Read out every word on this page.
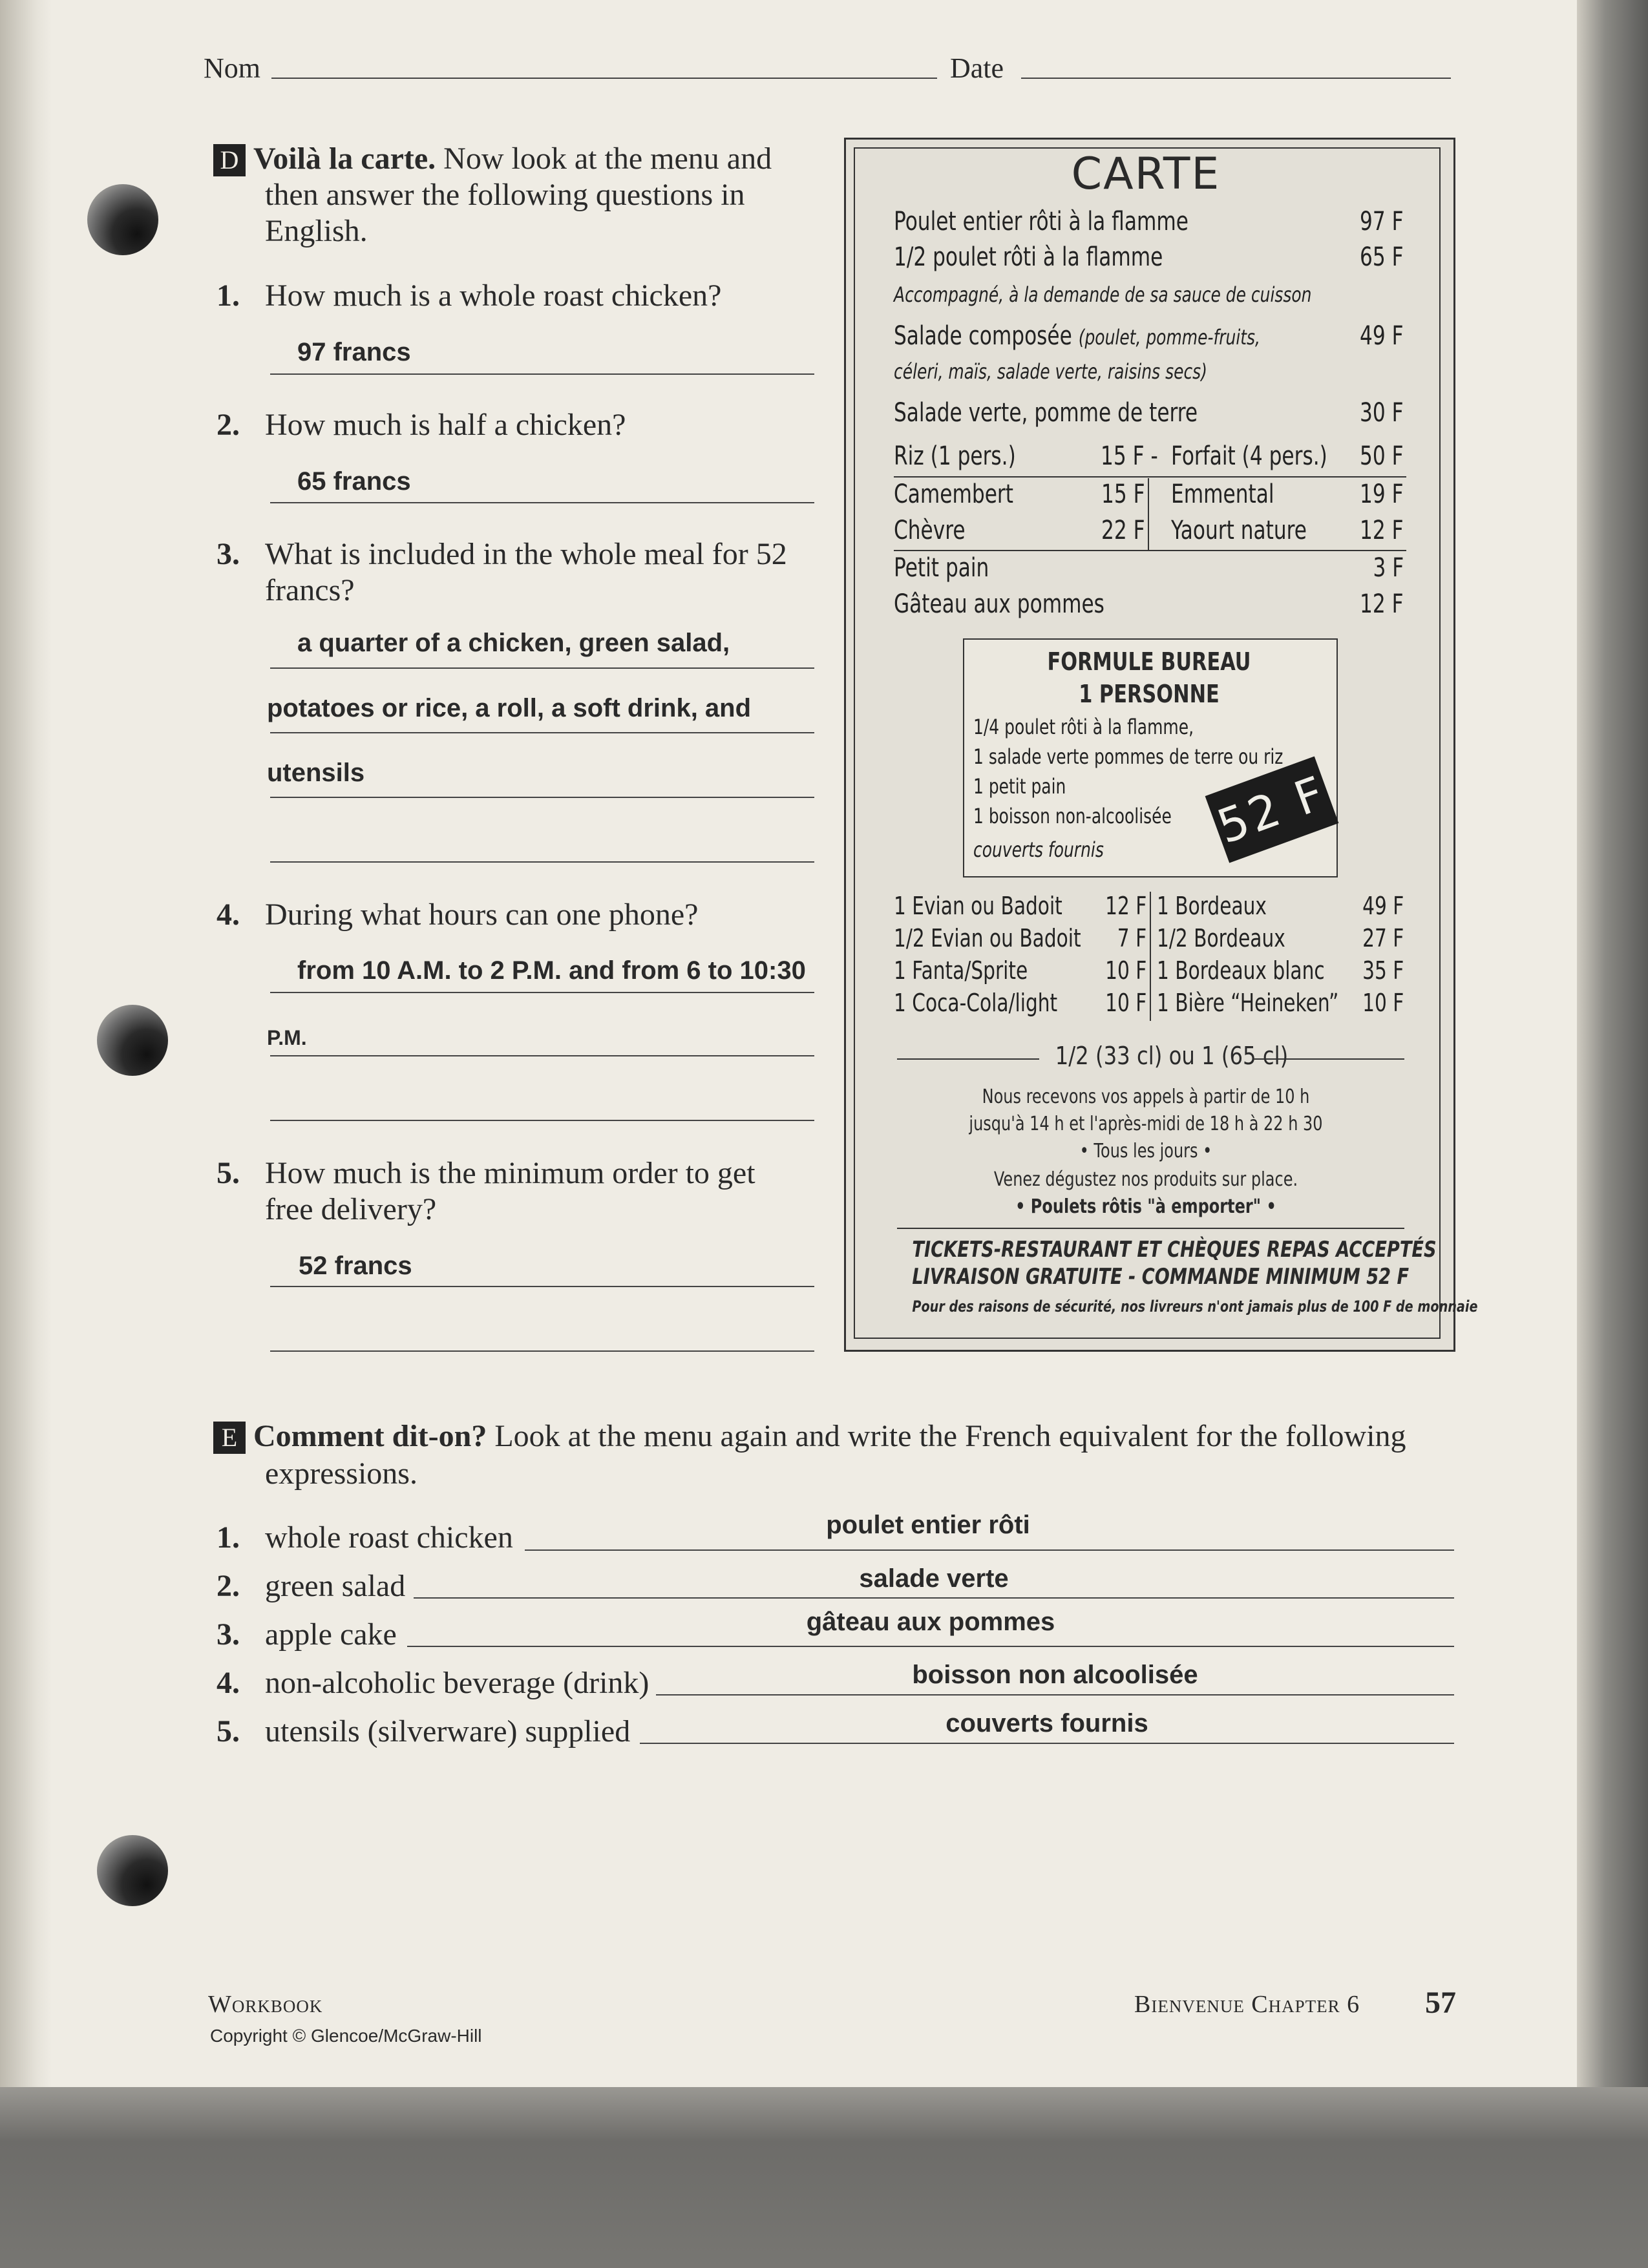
Nom	Date
D Voilà la carte. Now look at the menu and
then answer the following questions in
English.
1. How much is a whole roast chicken?
97 francs
2. How much is half a chicken?
65 francs
3. What is included in the whole meal for 52
francs?
a quarter of a chicken, green salad,
potatoes or rice, a roll, a soft drink, and
utensils
4. During what hours can one phone?
from 10 A.M. to 2 P.M. and from 6 to 10:30
P.M.
5. How much is the minimum order to get
free delivery?
52 francs
CARTE
Poulet entier rôti à la flamme	97 F
1/2 poulet rôti à la flamme	65 F
Accompagné, à la demande de sa sauce de cuisson
Salade composée (poulet, pomme-fruits,	49 F
céleri, maïs, salade verte, raisins secs)
Salade verte, pomme de terre	30 F
Riz (1 pers.)	15 F - Forfait (4 pers.) 50 F
Camembert	15 F Emmental	19 F
Chèvre	22 F Yaourt nature 12 F
Petit pain	3 F
Gâteau aux pommes	12 F
FORMULE BUREAU
1 PERSONNE
1/4 poulet rôti à la flamme,
1 salade verte pommes de terre ou riz
1 petit pain
1 boisson non-alcoolisée
couverts fournis 52 F
1 Evian ou Badoit 12 F 1 Bordeaux	49 F
1/2 Evian ou Badoit 7 F 1/2 Bordeaux	27 F
1 Fanta/Sprite	10 F 1 Bordeaux blanc 35 F
1 Coca-Cola/light 10 F 1 Bière “Heineken” 10 F
1/2 (33 cl) ou 1 (65 cl)
Nous recevons vos appels à partir de 10 h
jusqu'à 14 h et l'après-midi de 18 h à 22 h 30
• Tous les jours •
Venez dégustez nos produits sur place.
• Poulets rôtis "à emporter" •
TICKETS-RESTAURANT ET CHÈQUES REPAS ACCEPTÉS
LIVRAISON GRATUITE - COMMANDE MINIMUM 52 F
Pour des raisons de sécurité, nos livreurs n'ont jamais plus de 100 F de monnaie
E Comment dit-on? Look at the menu again and write the French equivalent for the following
expressions.
1. whole roast chicken	poulet entier rôti
2. green salad	salade verte
3. apple cake	gâteau aux pommes
4. non-alcoholic beverage (drink)	boisson non alcoolisée
5. utensils (silverware) supplied	couverts fournis
Workbook
Copyright © Glencoe/McGraw-Hill
Bienvenue Chapter 6 57
